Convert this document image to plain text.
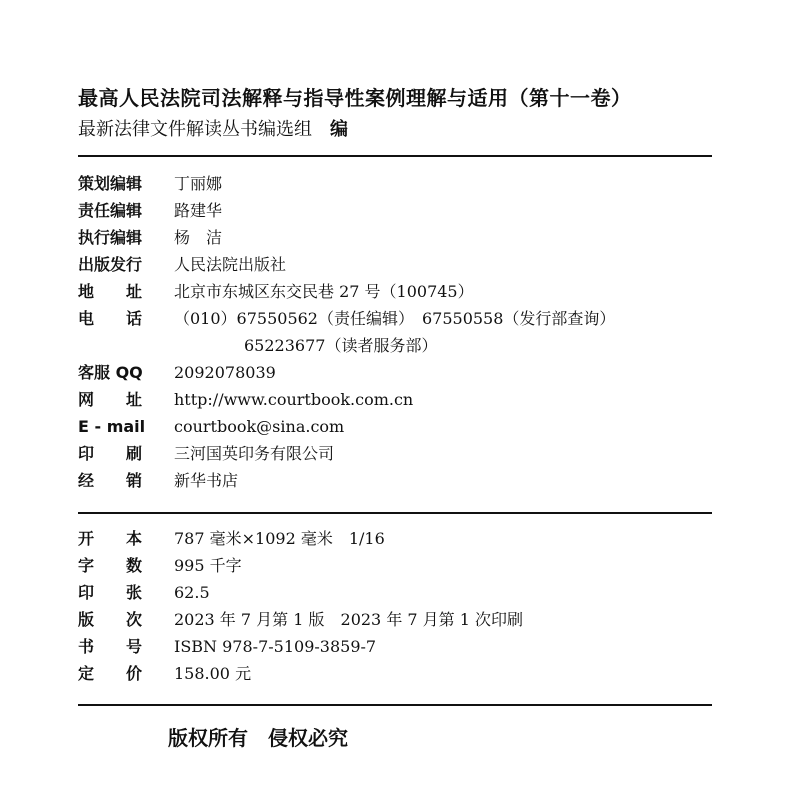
最高人民法院司法解释与指导性案例理解与适用（第十一卷）
最新法律文件解读丛书编选组 编
策划编辑	丁丽娜
责任编辑	路建华
执行编辑	杨　洁
出版发行	人民法院出版社
地　　址	北京市东城区东交民巷 27 号（100745）
电　　话	（010）67550562（责任编辑）　67550558（发行部查询）
65223677（读者服务部）
客服 QQ	2092078039
网　　址	http://www.courtbook.com.cn
E - mail	courtbook@sina.com
印　　刷	三河国英印务有限公司
经　　销	新华书店
开　　本	787 毫米×1092 毫米　1/16
字　　数	995 千字
印　　张	62.5
版　　次	2023 年 7 月第 1 版　2023 年 7 月第 1 次印刷
书　　号	ISBN 978-7-5109-3859-7
定　　价	158.00 元
版权所有　侵权必究
